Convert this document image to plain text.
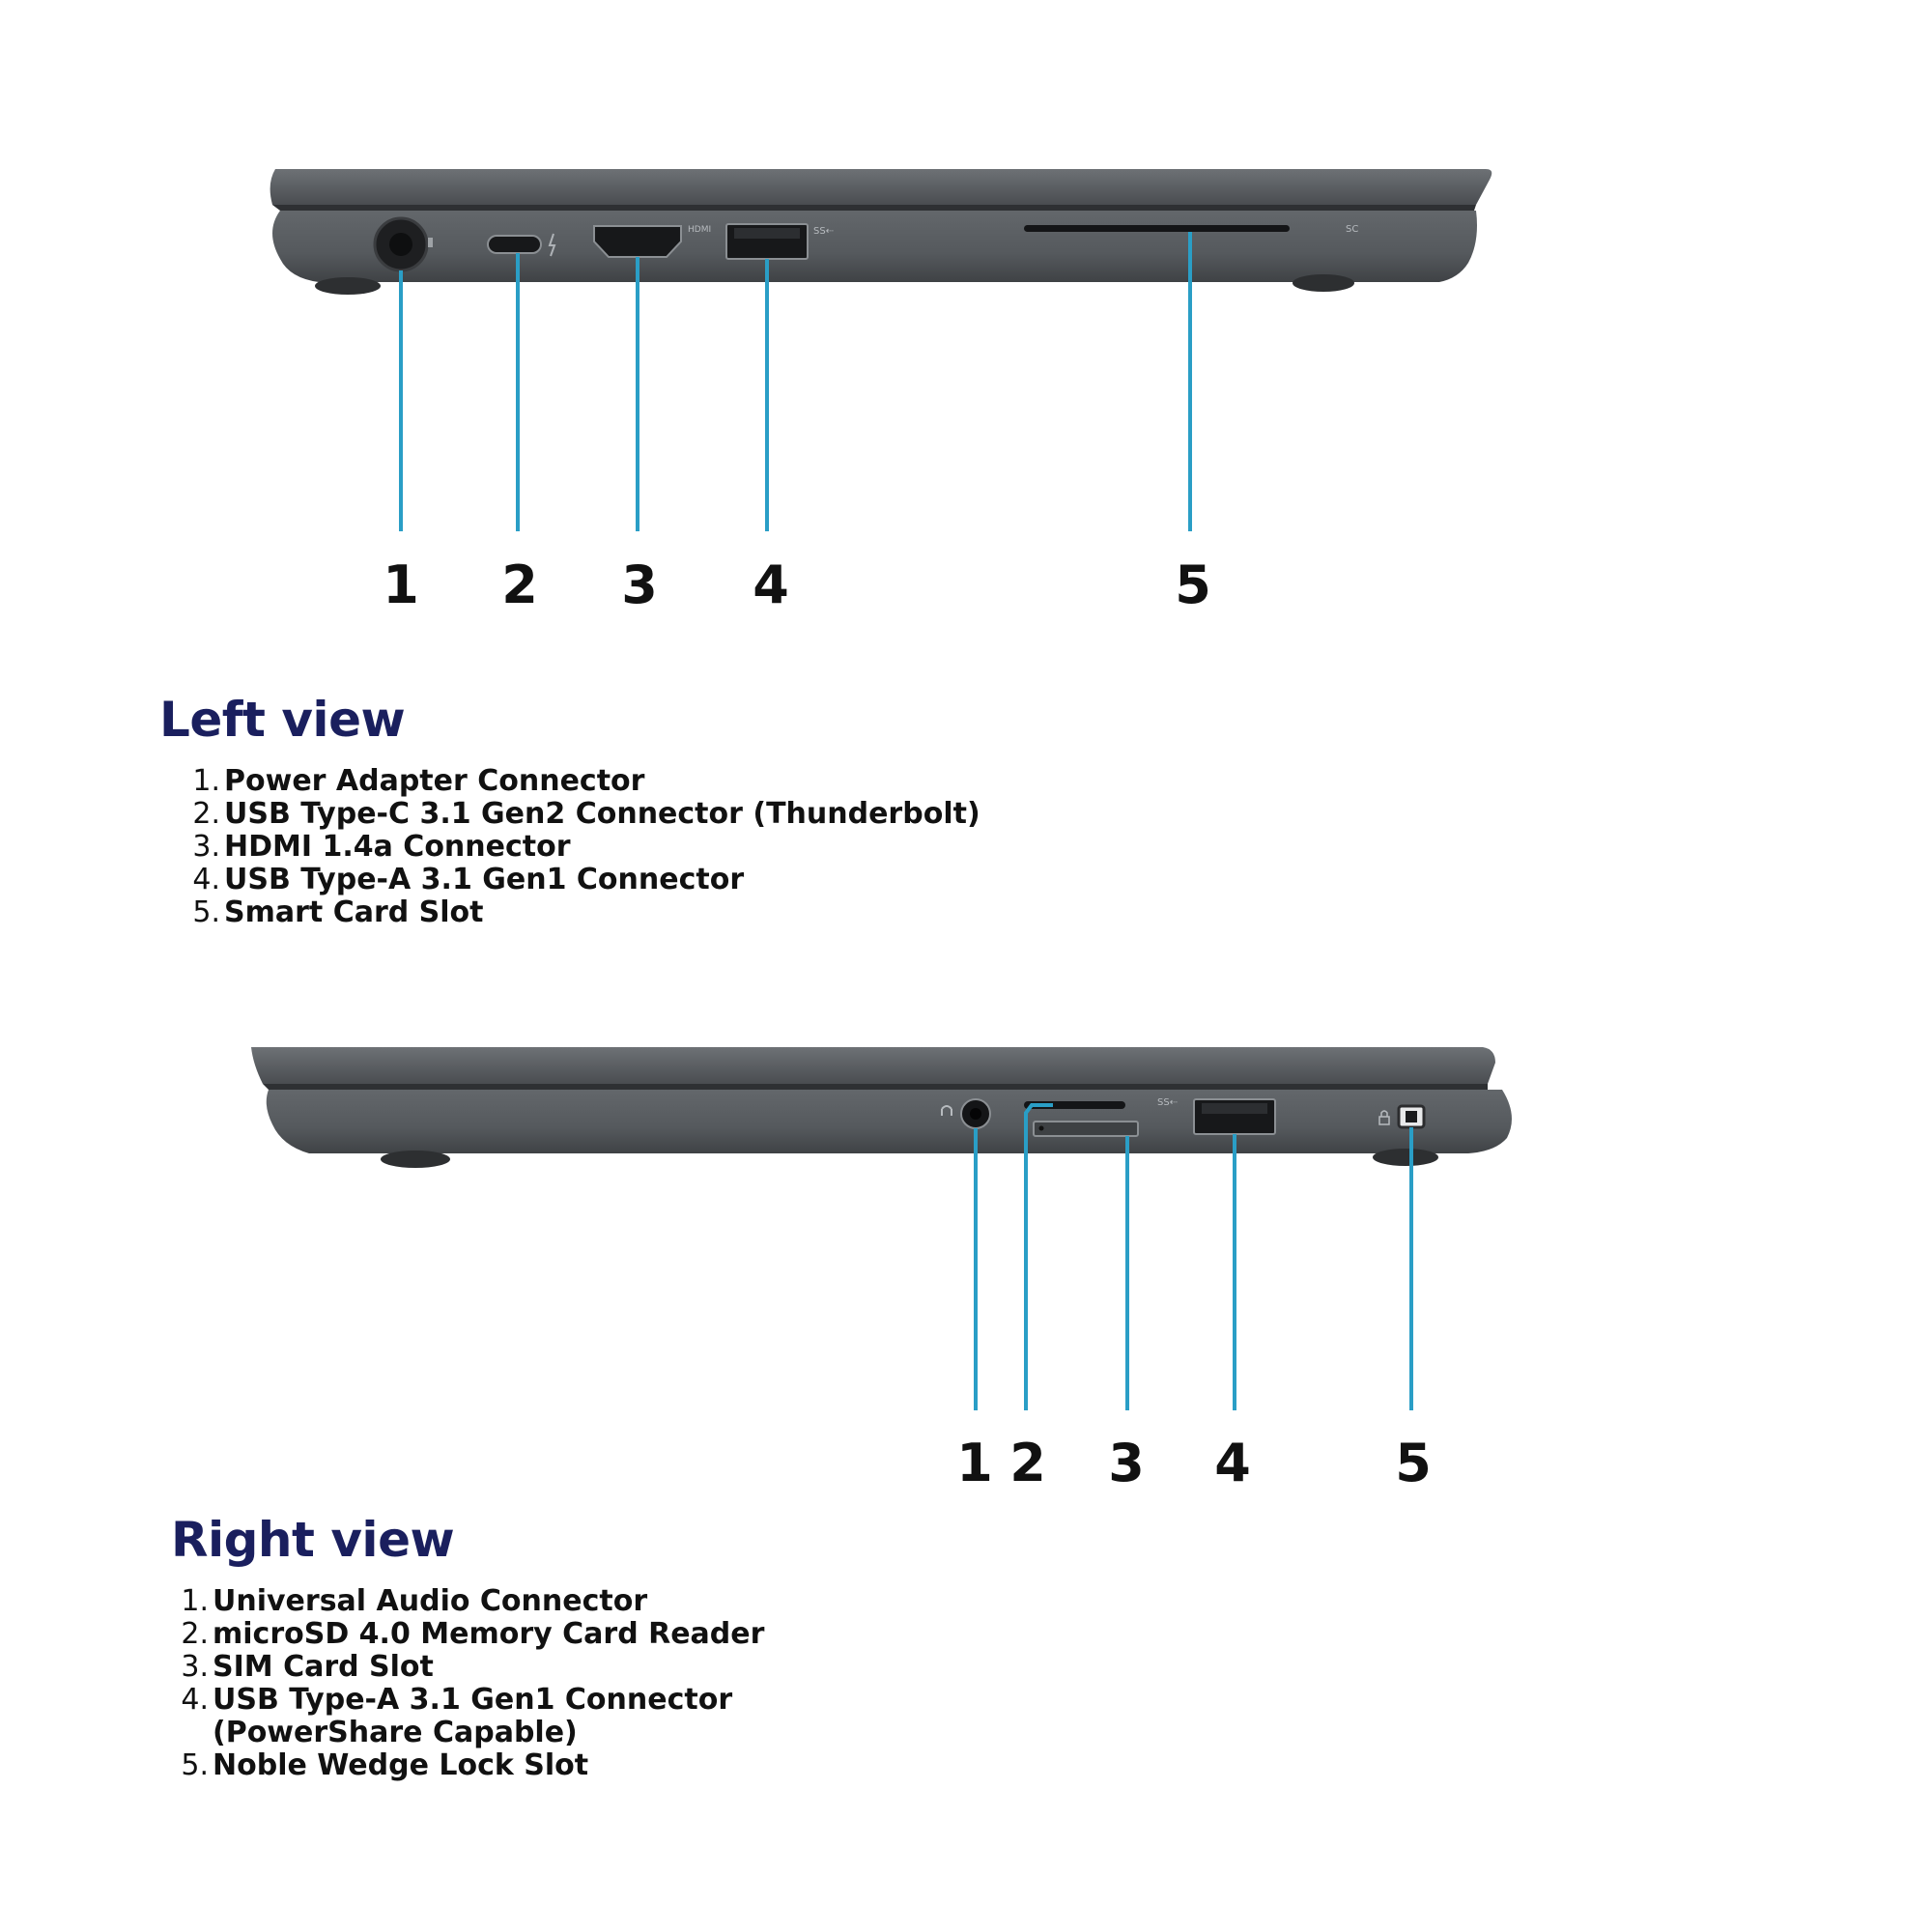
HDMI	SS⇠	SC
1 2 3 4	5
Left view
1. Power Adapter Connector
2. USB Type-C 3.1 Gen2 Connector (Thunderbolt)
3. HDMI 1.4a Connector
4. USB Type-A 3.1 Gen1 Connector
5. Smart Card Slot
SS⇠
1 2 3 4	5
Right view
1. Universal Audio Connector
2. microSD 4.0 Memory Card Reader
3. SIM Card Slot
4. USB Type-A 3.1 Gen1 Connector
(PowerShare Capable)
5. Noble Wedge Lock Slot
